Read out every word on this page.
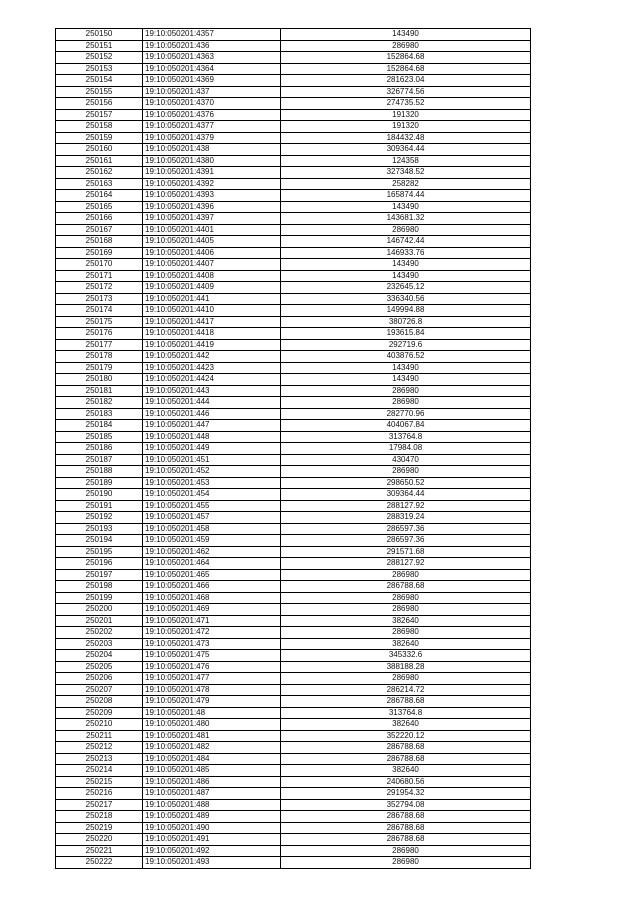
250150	19:10:050201:4357	143490
250151	19:10:050201:436	286980
250152	19:10:050201:4363	152864.68
250153	19:10:050201:4364	152864.68
250154	19:10:050201:4369	281623.04
250155	19:10:050201:437	326774.56
250156	19:10:050201:4370	274735.52
250157	19:10:050201:4376	191320
250158	19:10:050201:4377	191320
250159	19:10:050201:4379	184432.48
250160	19:10:050201:438	309364.44
250161	19:10:050201:4380	124358
250162	19:10:050201:4391	327348.52
250163	19:10:050201:4392	258282
250164	19:10:050201:4393	165874.44
250165	19:10:050201:4396	143490
250166	19:10:050201:4397	143681.32
250167	19:10:050201:4401	286980
250168	19:10:050201:4405	146742.44
250169	19:10:050201:4406	146933.76
250170	19:10:050201:4407	143490
250171	19:10:050201:4408	143490
250172	19:10:050201:4409	232645.12
250173	19:10:050201:441	336340.56
250174	19:10:050201:4410	149994.88
250175	19:10:050201:4417	380726.8
250176	19:10:050201:4418	193615.84
250177	19:10:050201:4419	292719.6
250178	19:10:050201:442	403876.52
250179	19:10:050201:4423	143490
250180	19:10:050201:4424	143490
250181	19:10:050201:443	286980
250182	19:10:050201:444	286980
250183	19:10:050201:446	282770.96
250184	19:10:050201:447	404067.84
250185	19:10:050201:448	313764.8
250186	19:10:050201:449	17984.08
250187	19:10:050201:451	430470
250188	19:10:050201:452	286980
250189	19:10:050201:453	298650.52
250190	19:10:050201:454	309364.44
250191	19:10:050201:455	288127.92
250192	19:10:050201:457	288319.24
250193	19:10:050201:458	286597.36
250194	19:10:050201:459	286597.36
250195	19:10:050201:462	291571.68
250196	19:10:050201:464	288127.92
250197	19:10:050201:465	286980
250198	19:10:050201:466	286788.68
250199	19:10:050201:468	286980
250200	19:10:050201:469	286980
250201	19:10:050201:471	382640
250202	19:10:050201:472	286980
250203	19:10:050201:473	382640
250204	19:10:050201:475	345332.6
250205	19:10:050201:476	388188.28
250206	19:10:050201:477	286980
250207	19:10:050201:478	286214.72
250208	19:10:050201:479	286788.68
250209	19:10:050201:48	313764.8
250210	19:10:050201:480	382640
250211	19:10:050201:481	352220.12
250212	19:10:050201:482	286788.68
250213	19:10:050201:484	286788.68
250214	19:10:050201:485	382640
250215	19:10:050201:486	240680.56
250216	19:10:050201:487	291954.32
250217	19:10:050201:488	352794.08
250218	19:10:050201:489	286788.68
250219	19:10:050201:490	286788.68
250220	19:10:050201:491	286788.68
250221	19:10:050201:492	286980
250222	19:10:050201:493	286980
